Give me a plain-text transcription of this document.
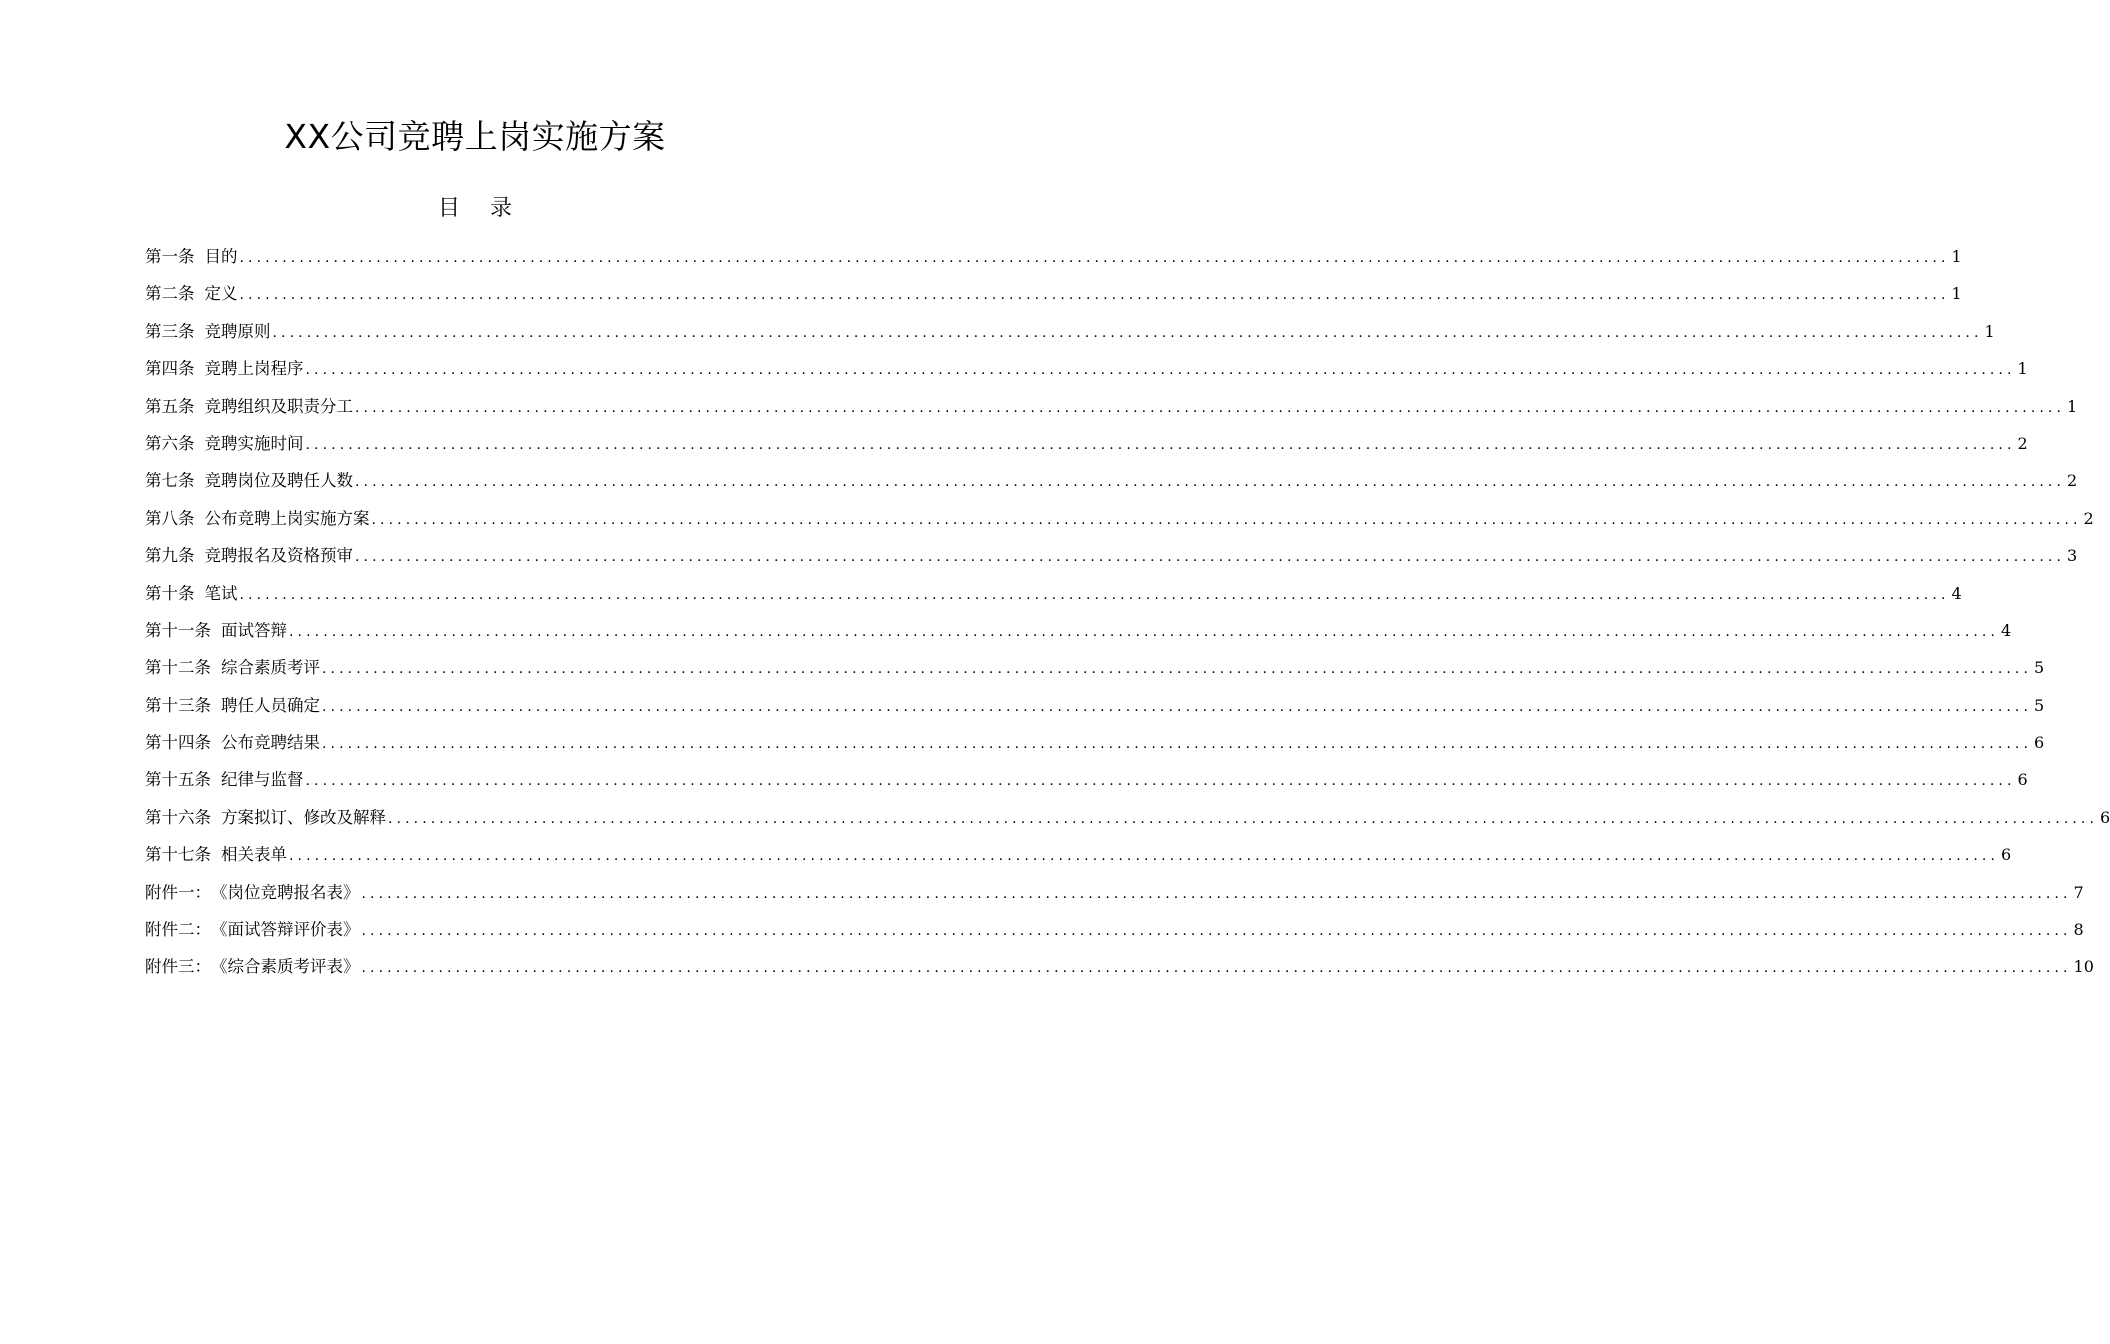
XX公司竞聘上岗实施方案
目录
第一条 目的 ........................................................................................................................................................................................................ 1
第二条 定义 ........................................................................................................................................................................................................ 1
第三条 竞聘原则 ........................................................................................................................................................................................................ 1
第四条 竞聘上岗程序 ........................................................................................................................................................................................................ 1
第五条 竞聘组织及职责分工 ........................................................................................................................................................................................................ 1
第六条 竞聘实施时间 ........................................................................................................................................................................................................ 2
第七条 竞聘岗位及聘任人数 ........................................................................................................................................................................................................ 2
第八条 公布竞聘上岗实施方案 ........................................................................................................................................................................................................ 2
第九条 竞聘报名及资格预审 ........................................................................................................................................................................................................ 3
第十条 笔试 ........................................................................................................................................................................................................ 4
第十一条 面试答辩 ........................................................................................................................................................................................................ 4
第十二条 综合素质考评 ........................................................................................................................................................................................................ 5
第十三条 聘任人员确定 ........................................................................................................................................................................................................ 5
第十四条 公布竞聘结果 ........................................................................................................................................................................................................ 6
第十五条 纪律与监督 ........................................................................................................................................................................................................ 6
第十六条 方案拟订、修改及解释 ........................................................................................................................................................................................................ 6
第十七条 相关表单 ........................................................................................................................................................................................................ 6
附件一： 《岗位竞聘报名表》 ........................................................................................................................................................................................................ 7
附件二： 《面试答辩评价表》 ........................................................................................................................................................................................................ 8
附件三： 《综合素质考评表》 ........................................................................................................................................................................................................ 10
